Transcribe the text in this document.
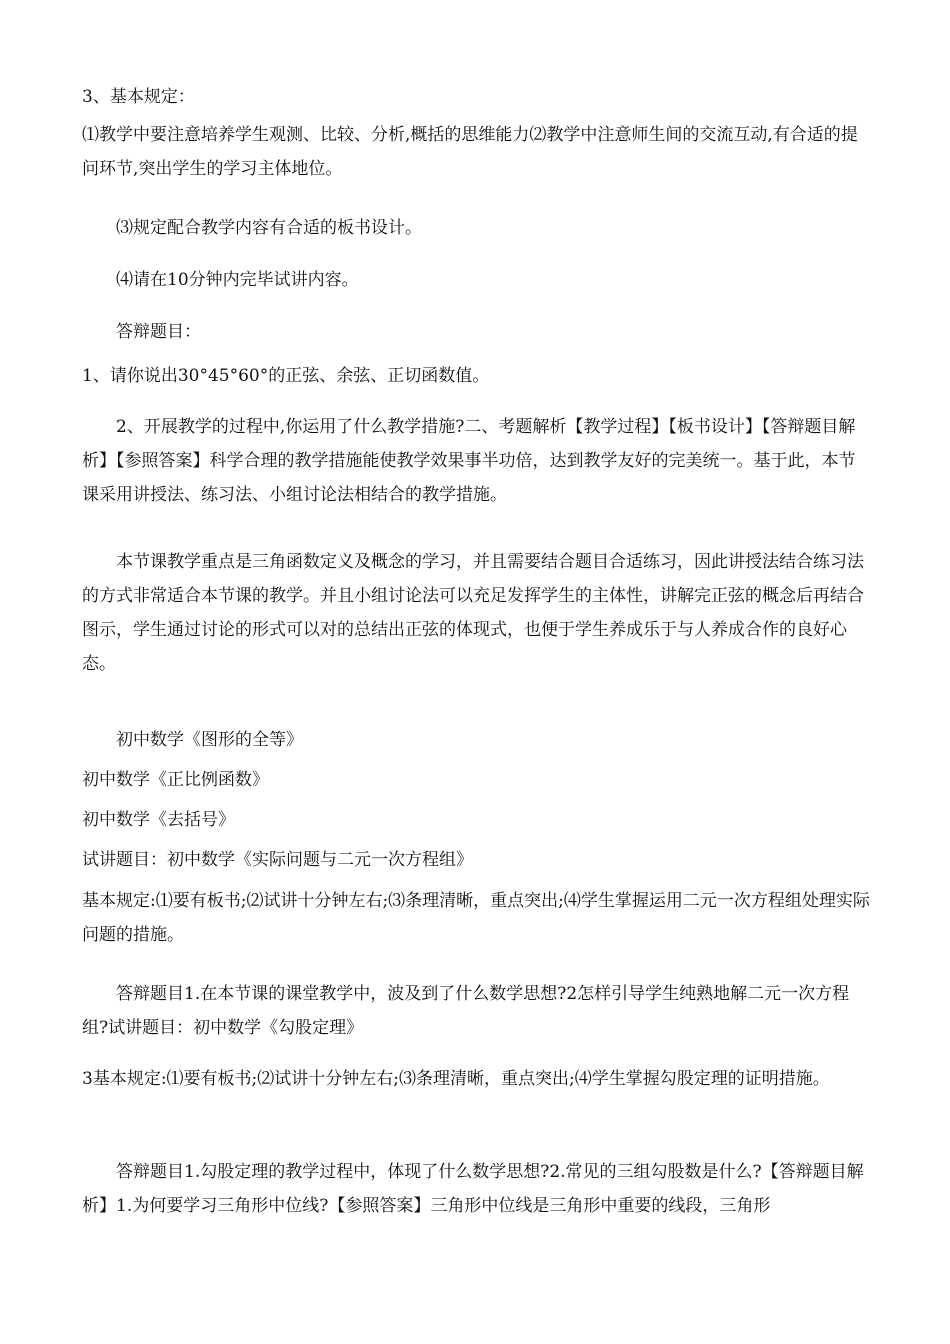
3、基本规定：

⑴教学中要注意培养学生观测、比较、分析,概括的思维能力⑵教学中注意师生间的交流互动,有合适的提问环节,突出学生的学习主体地位。

⑶规定配合教学内容有合适的板书设计。

⑷请在10分钟内完毕试讲内容。

答辩题目：

1、请你说出30°45°60°的正弦、余弦、正切函数值。

2、开展教学的过程中,你运用了什么教学措施?二、考题解析【教学过程】【板书设计】【答辩题目解析】【参照答案】科学合理的教学措施能使教学效果事半功倍，达到教学友好的完美统一。基于此，本节课采用讲授法、练习法、小组讨论法相结合的教学措施。

本节课教学重点是三角函数定义及概念的学习，并且需要结合题目合适练习，因此讲授法结合练习法的方式非常适合本节课的教学。并且小组讨论法可以充足发挥学生的主体性，讲解完正弦的概念后再结合图示，学生通过讨论的形式可以对的总结出正弦的体现式，也便于学生养成乐于与人养成合作的良好心态。

初中数学《图形的全等》

初中数学《正比例函数》

初中数学《去括号》

试讲题目：初中数学《实际问题与二元一次方程组》

基本规定:⑴要有板书;⑵试讲十分钟左右;⑶条理清晰，重点突出;⑷学生掌握运用二元一次方程组处理实际问题的措施。

答辩题目1.在本节课的课堂教学中，波及到了什么数学思想?2怎样引导学生纯熟地解二元一次方程组?试讲题目：初中数学《勾股定理》

3基本规定:⑴要有板书;⑵试讲十分钟左右;⑶条理清晰，重点突出;⑷学生掌握勾股定理的证明措施。

答辩题目1.勾股定理的教学过程中，体现了什么数学思想?2.常见的三组勾股数是什么?【答辩题目解析】1.为何要学习三角形中位线?【参照答案】三角形中位线是三角形中重要的线段，三角形
